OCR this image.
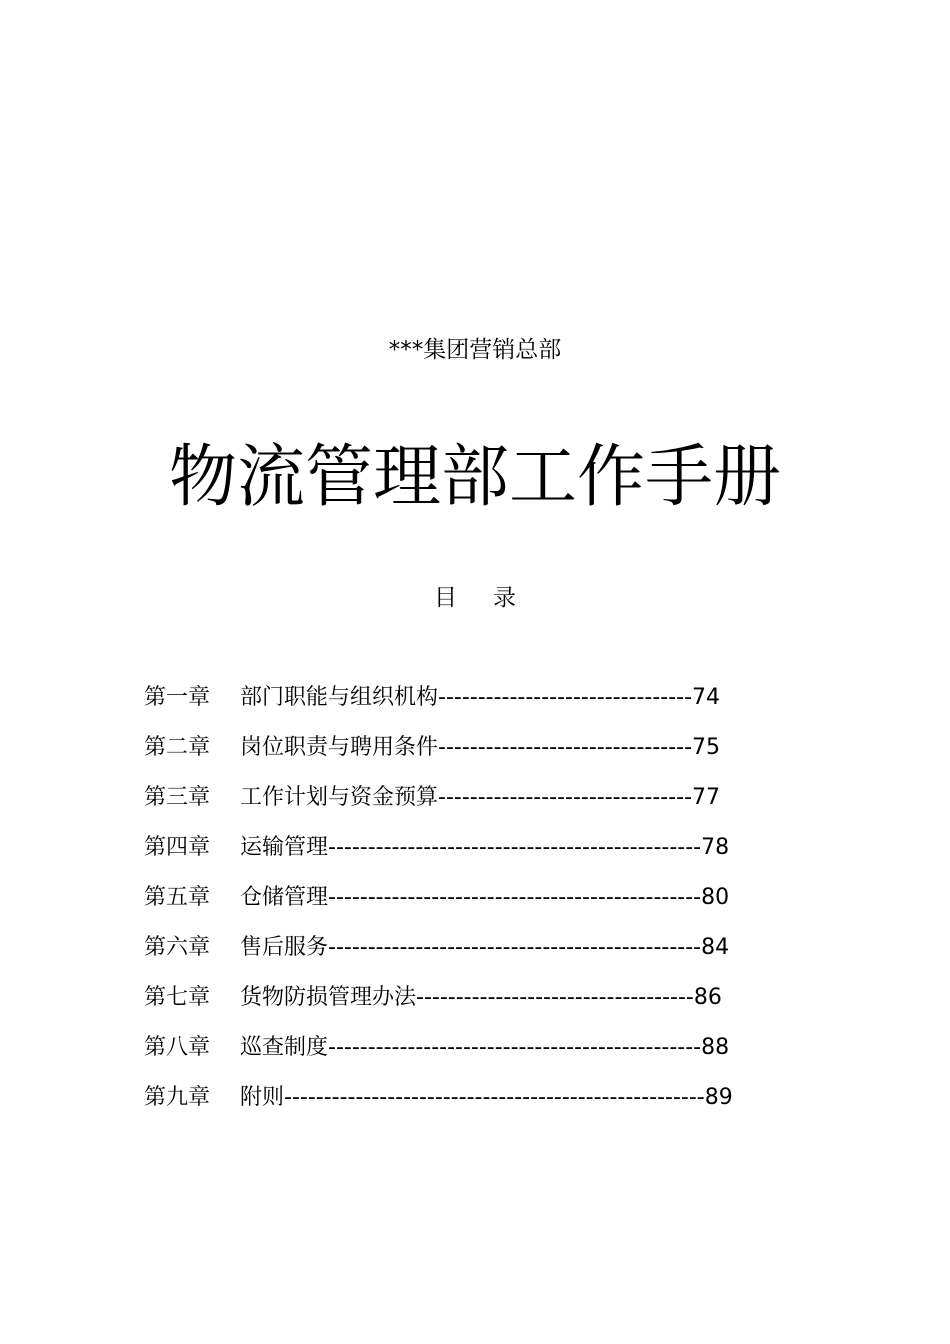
***集团营销总部
物流管理部工作手册
目 录
第一章 部门职能与组织机构--------------------------------74
第二章 岗位职责与聘用条件--------------------------------75
第三章 工作计划与资金预算--------------------------------77
第四章 运输管理-----------------------------------------------78
第五章 仓储管理-----------------------------------------------80
第六章 售后服务-----------------------------------------------84
第七章 货物防损管理办法-----------------------------------86
第八章 巡查制度-----------------------------------------------88
第九章 附则-----------------------------------------------------89
